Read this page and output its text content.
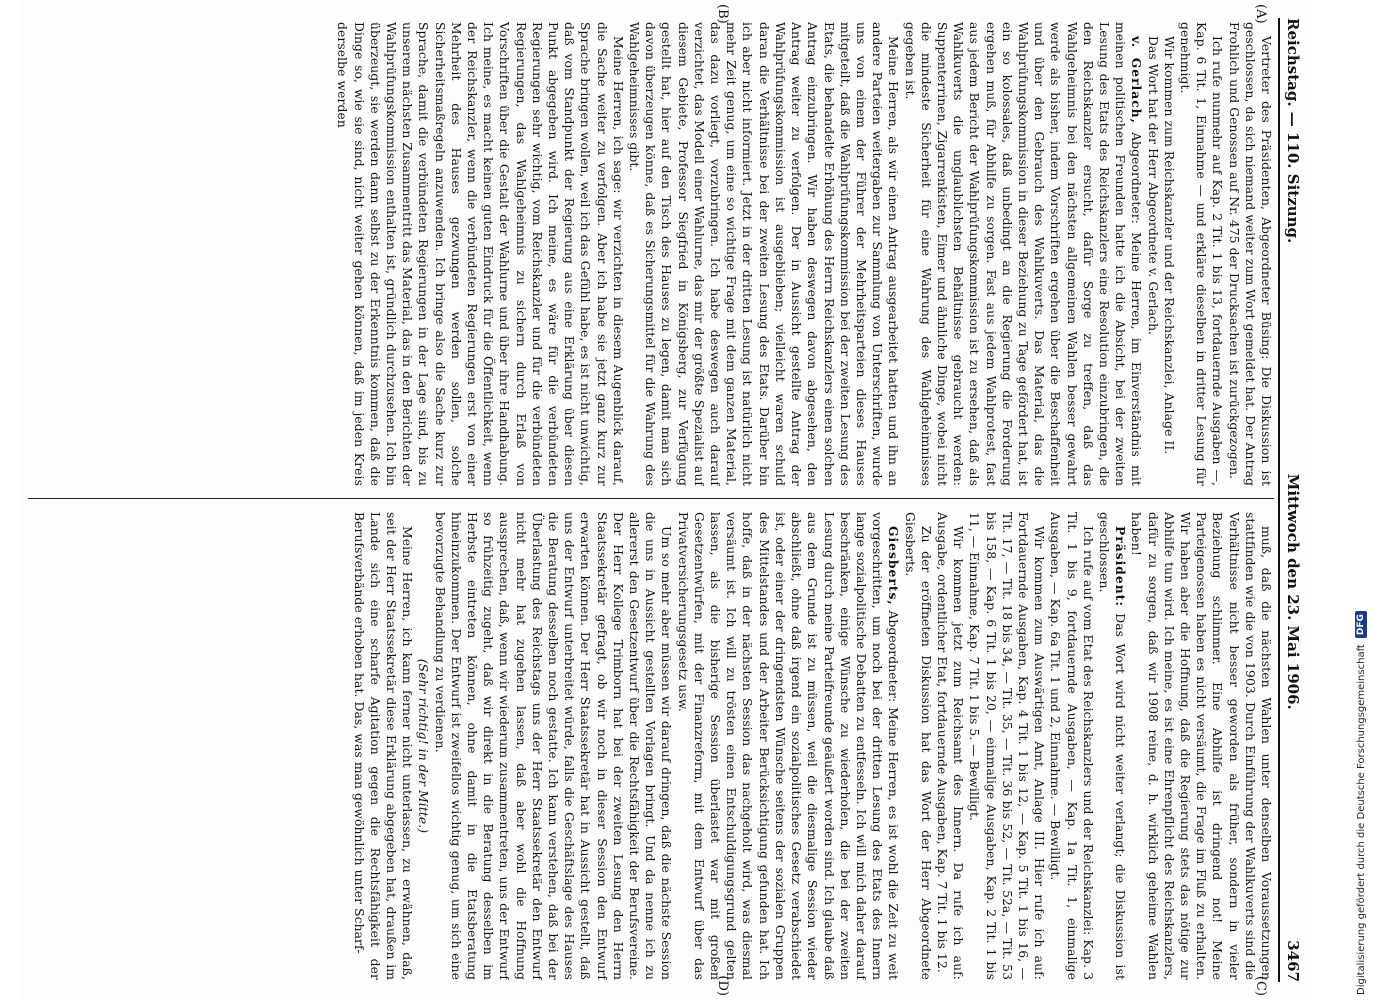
Reichstag. — 110. Sitzung.
Mittwoch den 23. Mai 1906.
3467
(A)
(B)
(C)
(D)

Vertreter des Präsidenten, Abgeordneter Büsing: Die Diskussion ist geschlossen, da sich niemand weiter zum Wort gemeldet hat. Der Antrag Frohlich und Genossen auf Nr. 475 der Drucksachen ist zurückgezogen.

Ich rufe nunmehr auf Kap. 2 Tit. 1 bis 13, fortdauernde Ausgaben —, Kap. 6 Tit. 1, Einnahme — und erkläre dieselben in dritter Lesung für genehmigt.

Wir kommen zum Reichskanzler und der Reichskanzlei, Anlage II.

Das Wort hat der Herr Abgeordnete v. Gerlach.

v. Gerlach, Abgeordneter: Meine Herren, im Einverständnis mit meinen politischen Freunden hatte ich die Absicht, bei der zweiten Lesung des Etats des Reichskanzlers eine Resolution einzubringen, die den Reichskanzler ersucht, dafür Sorge zu treffen, daß das Wahlgeheimnis bei den nächsten allgemeinen Wahlen besser gewahrt werde als bisher, indem Vorschriften ergehen über die Beschaffenheit und über den Gebrauch des Wahlkuverts. Das Material, das die Wahlprüfungskommission in dieser Beziehung zu Tage gefördert hat, ist ein so kolossales, daß unbedingt an die Regierung die Forderung ergehen muß, für Abhilfe zu sorgen. Fast aus jedem Wahlprotest, fast aus jedem Bericht der Wahlprüfungskommission ist zu ersehen, daß als Wahlkuverts die unglaublichsten Behältnisse gebraucht werden: Suppenterrinen, Zigarrenkisten, Eimer und ähnliche Dinge, wobei nicht die mindeste Sicherheit für eine Wahrung des Wahlgeheimnisses gegeben ist.

Meine Herren, als wir einen Antrag ausgearbeitet hatten und ihn an andere Parteien weitergaben zur Sammlung von Unterschriften, wurde uns von einem der Führer der Mehrheitsparteien dieses Hauses mitgeteilt, daß die Wahlprüfungskommission bei der zweiten Lesung des Etats, die behandelte Erhöhung des Herrn Reichskanzlers einen solchen Antrag einzubringen. Wir haben deswegen davon abgesehen, den Antrag weiter zu verfolgen. Der in Aussicht gestellte Antrag der Wahlprüfungskommission ist ausgeblieben; vielleicht waren schuld daran die Verhältnisse bei der zweiten Lesung des Etats. Darüber bin ich aber nicht informiert. Jetzt in der dritten Lesung ist natürlich nicht mehr Zeit genug, um eine so wichtige Frage mit dem ganzen Material, das dazu vorliegt, vorzubringen. Ich habe deswegen auch darauf verzichtet, das Modell einer Wahlurne, das mir der größte Spezialist auf diesem Gebiete, Professor Siegfried in Königsberg, zur Verfügung gestellt hat, hier auf den Tisch des Hauses zu legen, damit man sich davon überzeugen könne, daß es Sicherungsmittel für die Wahrung des Wahlgeheimnisses gibt.

Meine Herren, ich sage: wir verzichten in diesem Augenblick darauf, die Sache weiter zu verfolgen. Aber ich habe sie jetzt ganz kurz zur Sprache bringen wollen, weil ich das Gefühl habe, es ist nicht unwichtig, daß vom Standpunkt der Regierung aus eine Erklärung über diesen Punkt abgegeben wird. Ich meine, es wäre für die verbündeten Regierungen sehr wichtig, vom Reichskanzler und für die verbündeten Regierungen, das Wahlgeheimnis zu sichern durch Erlaß von Vorschriften über die Gestalt der Wahlurne und über ihre Handhabung. Ich meine, es macht keinen guten Eindruck für die Öffentlichkeit, wenn der Reichskanzler, wenn die verbündeten Regierungen erst von einer Mehrheit des Hauses gezwungen werden sollen, solche Sicherheitsmaßregeln anzuwenden. Ich bringe also die Sache kurz zur Sprache, damit die verbündeten Regierungen in der Lage sind, bis zu unserem nächsten Zusammentritt das Material, das in den Berichten der Wahlprüfungskommission enthalten ist, gründlich durchzusehen. Ich bin überzeugt, sie werden dann selbst zu der Erkenntnis kommen, daß die Dinge so, wie sie sind, nicht weiter gehen können, daß im jeden Kreis derselbe werden

muß, daß die nächsten Wahlen unter denselben Voraussetzungen stattfinden wie die von 1903. Durch Einführung der Wahlkuverts sind die Verhältnisse nicht besser geworden als früher, sondern in vieler Beziehung schlimmer. Eine Abhilfe ist dringend not! Meine Parteigenossen haben es nicht versäumt, die Frage im Fluß zu erhalten. Wir haben aber die Hoffnung, daß die Regierung stets das nötige zur Abhilfe tun wird. Ich meine, es ist eine Ehrenpflicht des Reichskanzlers, dafür zu sorgen, daß wir 1908 reine, d. h. wirklich geheime Wahlen haben!

Präsident: Das Wort wird nicht weiter verlangt; die Diskussion ist geschlossen.

Ich rufe auf vom Etat des Reichskanzlers und der Reichskanzlei: Kap. 3 Tit. 1 bis 9, fortdauernde Ausgaben, — Kap. 1a Tit. 1, einmalige Ausgaben, — Kap. 6a Tit. 1 und 2, Einnahme. — Bewilligt.

Wir kommen zum Auswärtigen Amt, Anlage III. Hier rufe ich auf: Fortdauernde Ausgaben, Kap. 4 Tit. 1 bis 12, — Kap. 5 Tit. 1 bis 16, — Tit. 17, — Tit. 18 bis 34, — Tit. 35, — Tit. 36 bis 52, — Tit. 52a, — Tit. 53 bis 158, — Kap. 6 Tit. 1 bis 20, — einmalige Ausgaben, Kap. 2 Tit. 1 bis 11, — Einnahme, Kap. 7 Tit. 1 bis 5. — Bewilligt.

Wir kommen jetzt zum Reichsamt des Innern. Da rufe ich auf: Ausgabe, ordentlicher Etat, fortdauernde Ausgaben, Kap. 7 Tit. 1 bis 12.

Zu der eröffneten Diskussion hat das Wort der Herr Abgeordnete Giesberts.

Giesberts, Abgeordneter: Meine Herren, es ist wohl die Zeit zu weit vorgeschritten, um noch bei der dritten Lesung des Etats des Innern lange sozialpolitische Debatten zu entfesseln. Ich will mich daher darauf beschränken, einige Wünsche zu wiederholen, die bei der zweiten Lesung durch meine Parteifreunde geäußert worden sind. Ich glaube daß aus dem Grunde ist zu müssen, weil die diesmalige Session wieder abschließt, ohne daß irgend ein sozialpolitisches Gesetz verabschiedet ist, oder einer der dringendsten Wünsche seitens der sozialen Gruppen des Mittelstandes und der Arbeiter Berücksichtigung gefunden hat. Ich hoffe, daß in der nächsten Session das nachgeholt wird, was diesmal versäumt ist. Ich will zu trösten einen Entschuldigungsgrund gelten lassen, als die bisherige Session überlastet war mit großen Gesetzentwürfen, mit der Finanzreform, mit dem Entwurf über das Privatversicherungsgesetz usw.

Um so mehr aber müssen wir darauf dringen, daß die nächste Session die uns in Aussicht gestellten Vorlagen bringt. Und da nenne ich zu allererst den Gesetzentwurf über die Rechtsfähigkeit der Berufsvereine. Der Herr Kollege Trimborn hat bei der zweiten Lesung den Herrn Staatssekretär gefragt, ob wir noch in dieser Session den Entwurf erwarten können. Der Herr Staatssekretär hat in Aussicht gestellt, daß uns der Entwurf unterbreitet würde, falls die Geschäftslage des Hauses die Beratung desselben noch gestatte. Ich kann verstehen, daß bei der Überlastung des Reichstags uns der Herr Staatssekretär den Entwurf nicht mehr hat zugehen lassen, daß aber wohl die Hoffnung aussprechen, daß, wenn wir wiederum zusammentreten, uns der Entwurf so frühzeitig zugeht, daß wir direkt in die Beratung desselben im Herbste eintreten können, ohne damit in die Etatsberatung hineinzukommen. Der Entwurf ist zweifellos wichtig genug, um sich eine bevorzugte Behandlung zu verdienen.

(Sehr richtig! in der Mitte.)

Meine Herren, ich kann ferner nicht unterlassen, zu erwähnen, daß, seit der Herr Staatssekretär diese Erklärung abgegeben hat, draußen im Lande sich eine scharfe Agitation gegen die Rechtsfähigkeit der Berufsverbände erhoben hat. Das, was man gewöhnlich unter Scharf-	Digitalisierung gefördert durch die Deutsche Forschungsgemeinschaft
DFG
